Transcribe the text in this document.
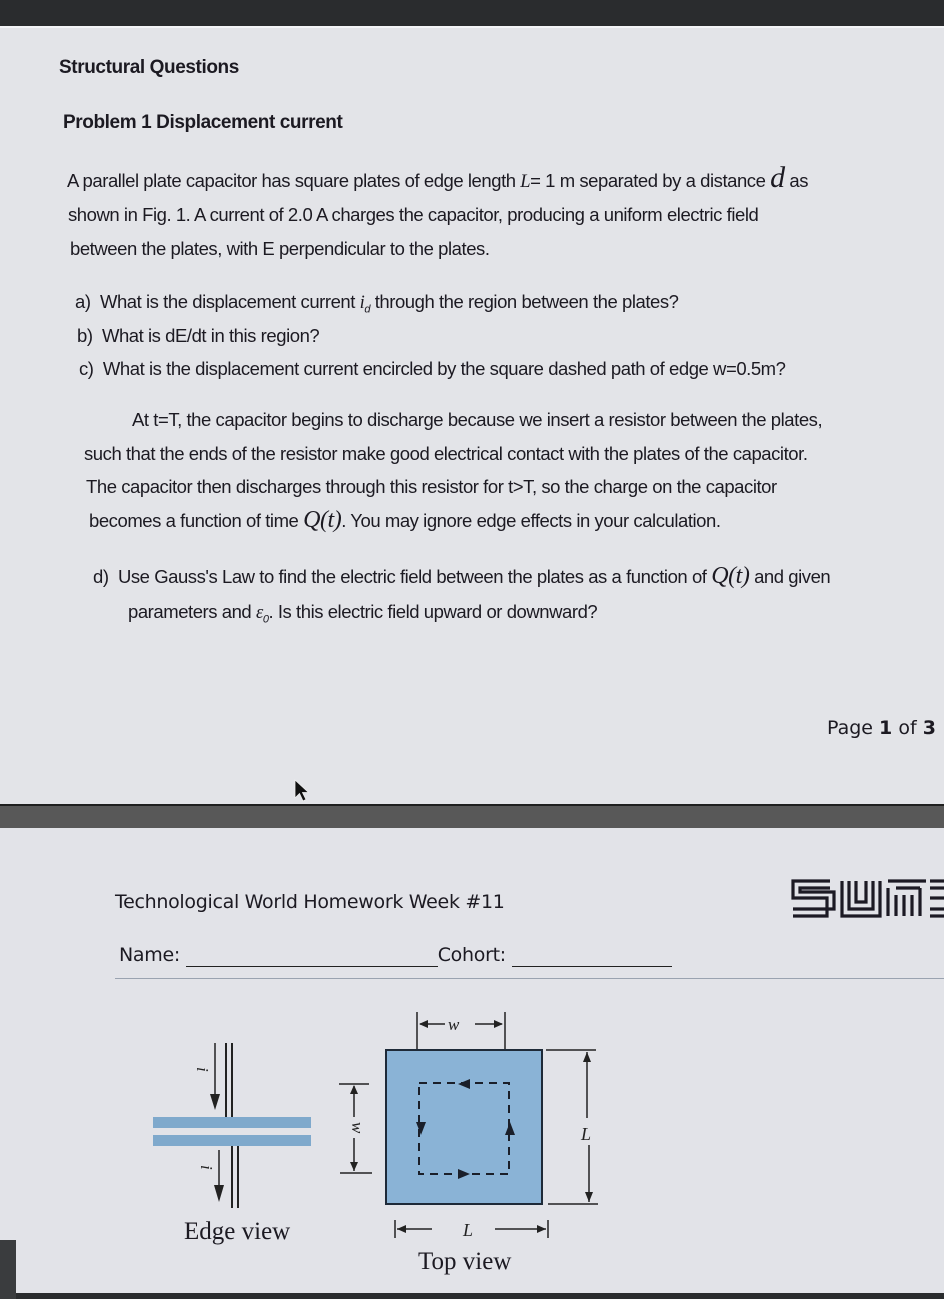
Structural Questions
Problem 1 Displacement current
A parallel plate capacitor has square plates of edge length L= 1 m separated by a distance d as
shown in Fig. 1. A current of 2.0 A charges the capacitor, producing a uniform electric field
between the plates, with E perpendicular to the plates.
a) What is the displacement current $i_d$ through the region between the plates?
b) What is dE/dt in this region?
c) What is the displacement current encircled by the square dashed path of edge w=0.5m?
At t=T, the capacitor begins to discharge because we insert a resistor between the plates,
such that the ends of the resistor make good electrical contact with the plates of the capacitor.
The capacitor then discharges through this resistor for t>T, so the charge on the capacitor
becomes a function of time Q(t). You may ignore edge effects in your calculation.
d) Use Gauss's Law to find the electric field between the plates as a function of Q(t) and given
parameters and $\varepsilon_0$. Is this electric field upward or downward?
Page 1 of 3
Technological World Homework Week #11
Name:	Cohort:
i
i
w
Edge view
w
L
L
Top view
